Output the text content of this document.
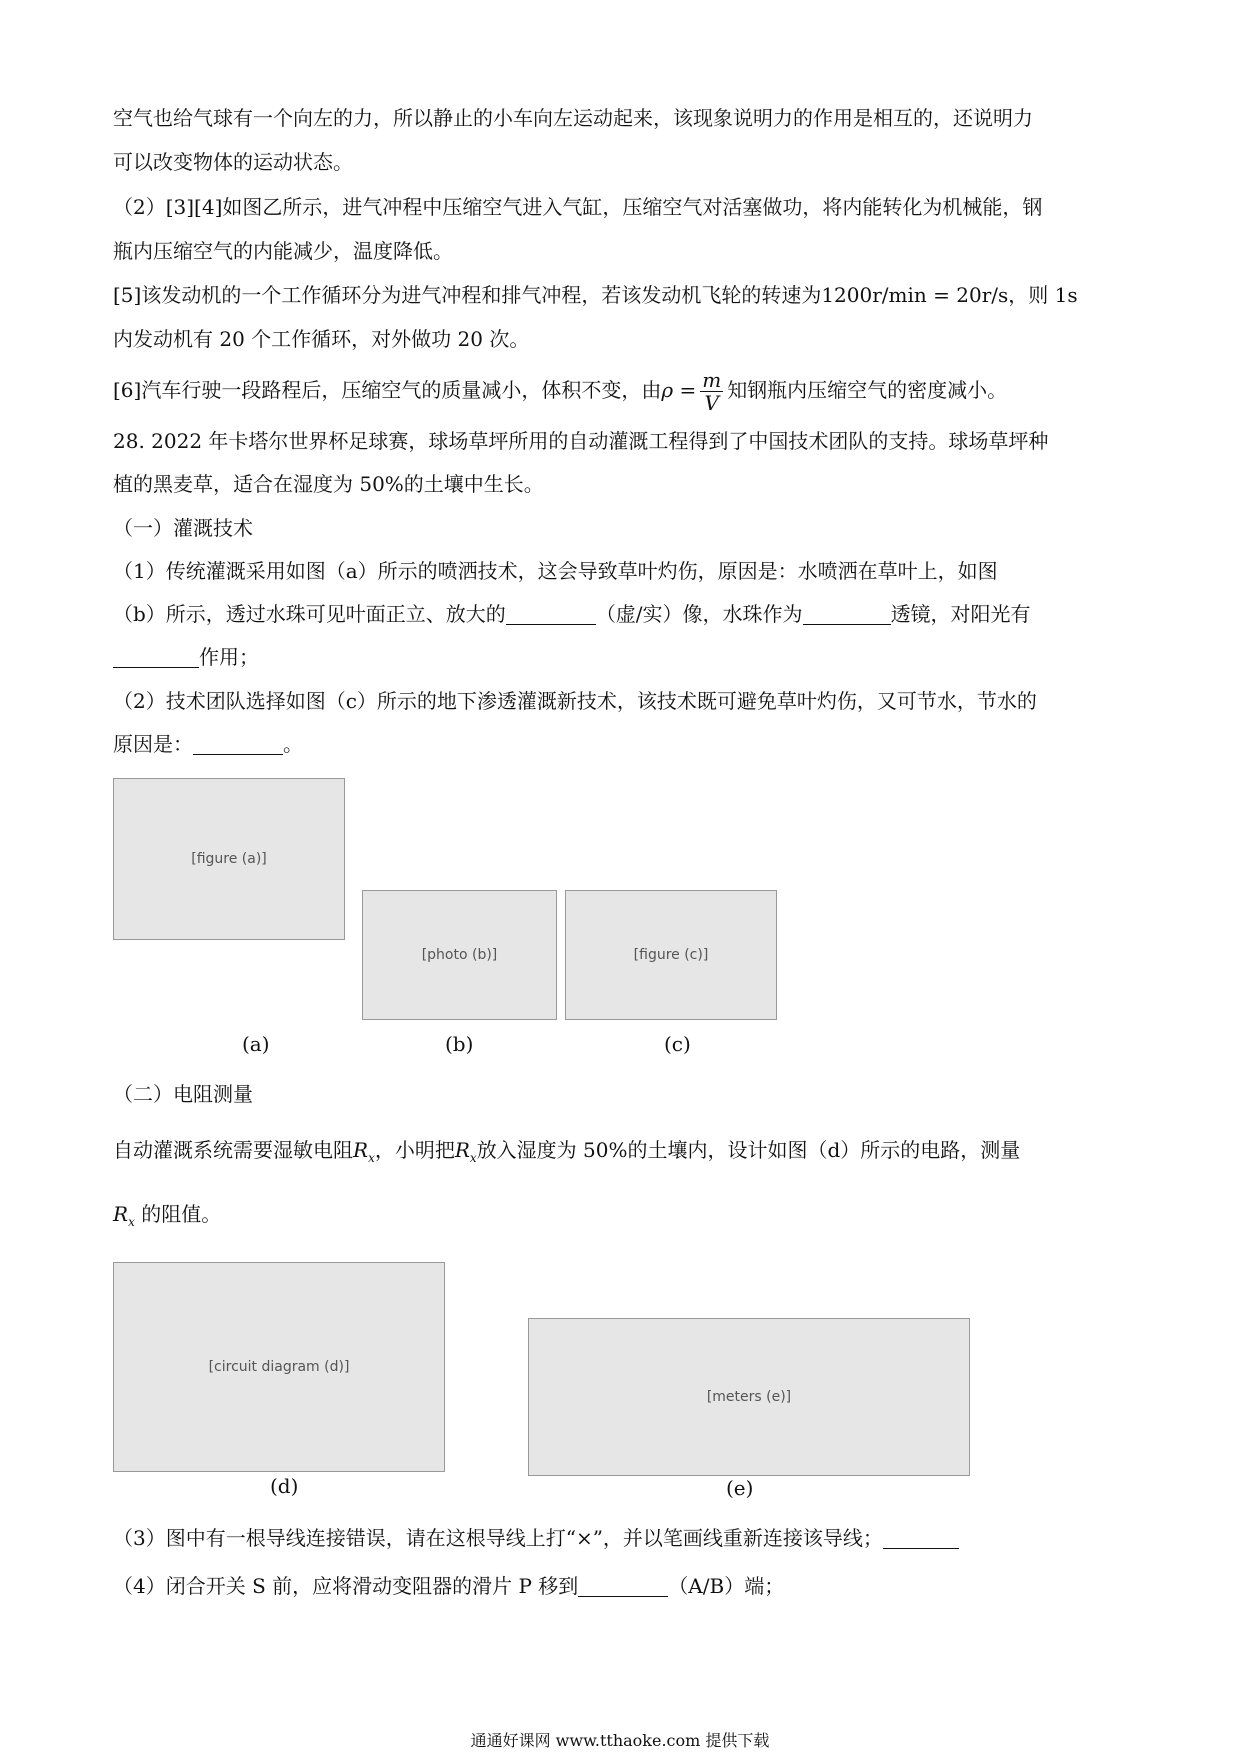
空气也给气球有一个向左的力，所以静止的小车向左运动起来，该现象说明力的作用是相互的，还说明力
可以改变物体的运动状态。
（2）[3][4]如图乙所示，进气冲程中压缩空气进入气缸，压缩空气对活塞做功，将内能转化为机械能，钢
瓶内压缩空气的内能减少，温度降低。
[5]该发动机的一个工作循环分为进气冲程和排气冲程，若该发动机飞轮的转速为1200r/min = 20r/s，则 1s
内发动机有 20 个工作循环，对外做功 20 次。
[6]汽车行驶一段路程后，压缩空气的质量减小，体积不变，由$\rho = \frac{m}{V}$ 知钢瓶内压缩空气的密度减小。
28. 2022 年卡塔尔世界杯足球赛，球场草坪所用的自动灌溉工程得到了中国技术团队的支持。球场草坪种
植的黑麦草，适合在湿度为 50%的土壤中生长。
（一）灌溉技术
（1）传统灌溉采用如图（a）所示的喷洒技术，这会导致草叶灼伤，原因是：水喷洒在草叶上，如图
（b）所示，透过水珠可见叶面正立、放大的	（虚/实）像，水珠作为	透镜，对阳光有
作用；
（2）技术团队选择如图（c）所示的地下渗透灌溉新技术，该技术既可避免草叶灼伤，又可节水，节水的
原因是：	。
[figure (a)]
[photo (b)]	[figure (c)]
(a)	(b)	(c)
（二）电阻测量
自动灌溉系统需要湿敏电阻$R_x$，小明把$R_x$放入湿度为 50%的土壤内，设计如图（d）所示的电路，测量
$R_x$ 的阻值。
[circuit diagram (d)]
[meters (e)]
(d)	(e)
（3）图中有一根导线连接错误，请在这根导线上打“×”，并以笔画线重新连接该导线；
（4）闭合开关 S 前，应将滑动变阻器的滑片 P 移到	（A/B）端；
通通好课网 www.tthaoke.com 提供下载
